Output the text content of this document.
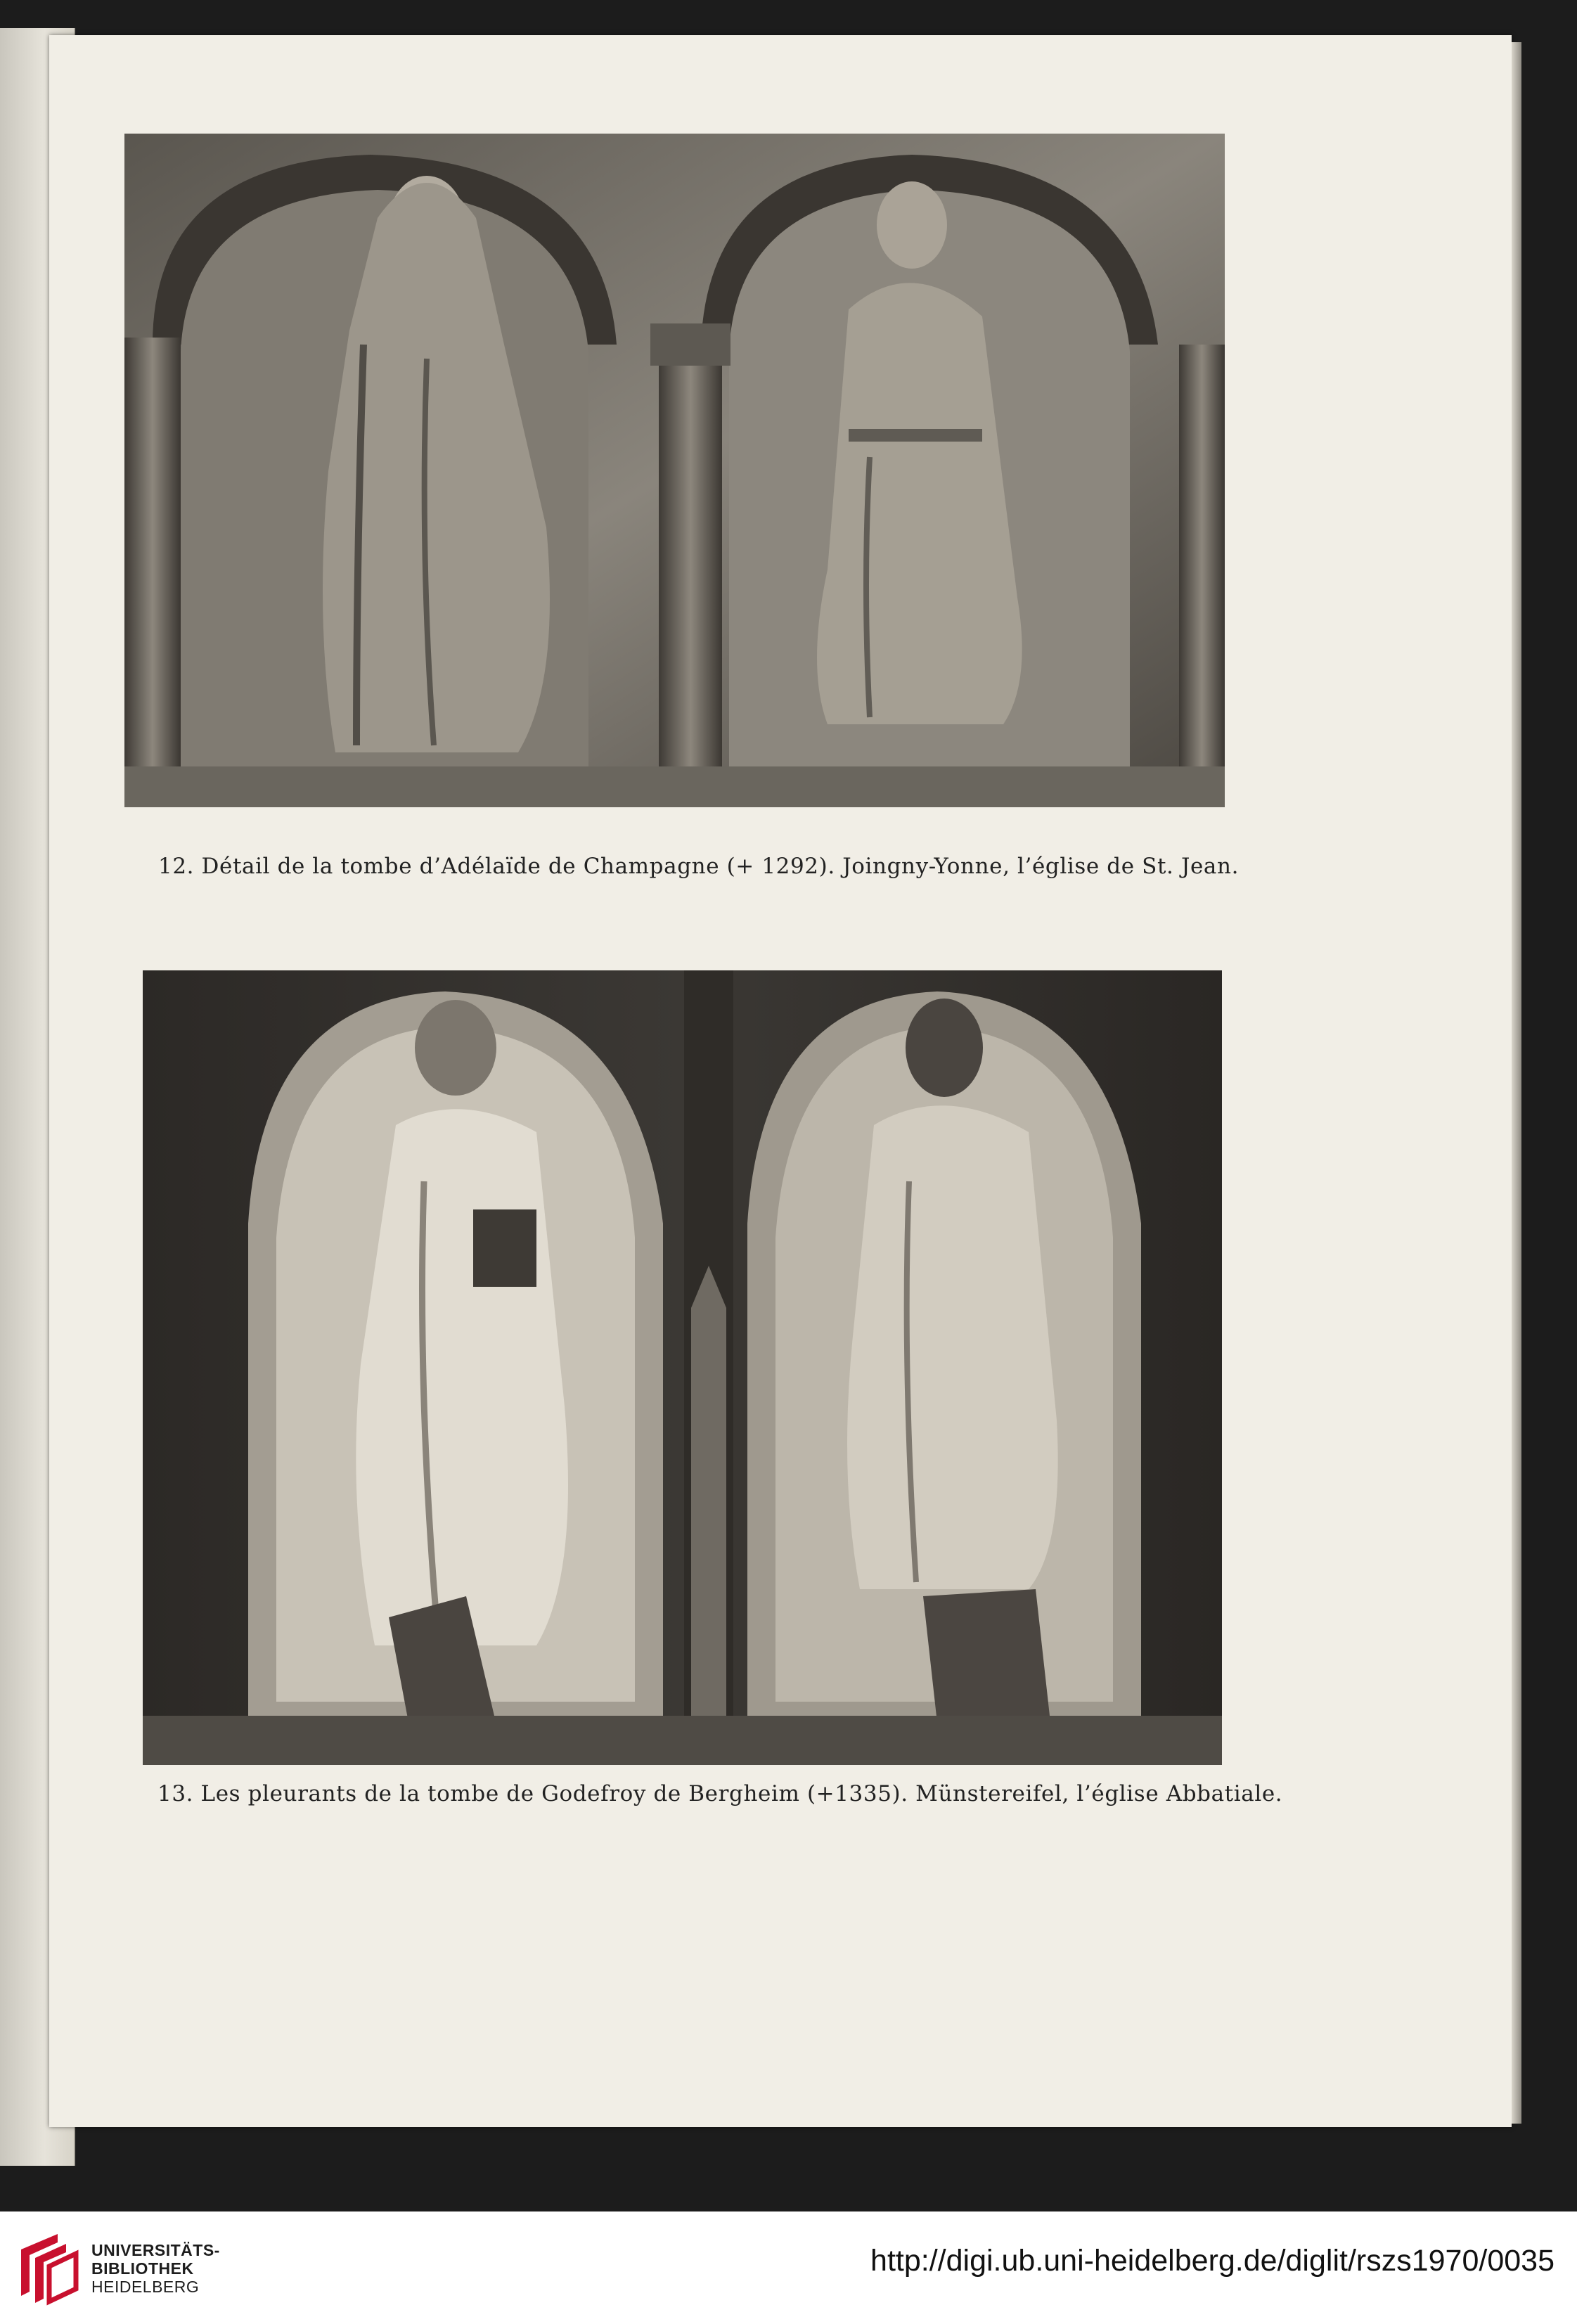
12. Détail de la tombe d’Adélaïde de Champagne (+ 1292). Joingny-Yonne, l’église de St. Jean.
13. Les pleurants de la tombe de Godefroy de Bergheim (+1335). Münstereifel, l’église Abbatiale.
UNIVERSITÄTS-
BIBLIOTHEK
HEIDELBERG
http://digi.ub.uni-heidelberg.de/diglit/rszs1970/0035
